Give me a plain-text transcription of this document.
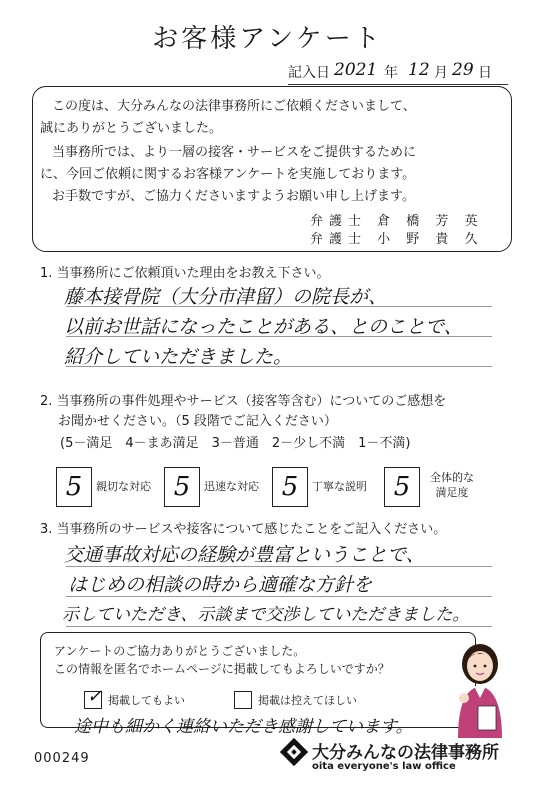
お客様アンケート
記入日 2021 年 12 月 29 日
この度は、大分みんなの法律事務所にご依頼くださいまして、
誠にありがとうございました。
当事務所では、より一層の接客・サービスをご提供するために
に、今回ご依頼に関するお客様アンケートを実施しております。
お手数ですが、ご協力くださいますようお願い申し上げます。
弁護士 倉 橋 芳 英
弁護士 小 野 貴 久
1. 当事務所にご依頼頂いた理由をお教え下さい。
藤本接骨院（大分市津留）の院長が、
以前お世話になったことがある、とのことで、
紹介していただきました。
2. 当事務所の事件処理やサービス（接客等含む）についてのご感想を
お聞かせください。（5 段階でご記入ください）
(5－満足　4－まあ満足　3－普通　2－少し不満　1－不満)
5	親切な対応 5	迅速な対応 5	丁寧な説明	5	全体的な
満足度
3. 当事務所のサービスや接客について感じたことをご記入ください。
交通事故対応の経験が豊富ということで、
はじめの相談の時から適確な方針を
示していただき、示談まで交渉していただきました。
アンケートのご協力ありがとうございました。
この情報を匿名でホームページに掲載してもよろしいですか？
✓ 掲載してもよい	掲載は控えてほしい
途中も細かく連絡いただき感謝しています。
000249	大分みんなの法律事務所
oita everyone's law office
